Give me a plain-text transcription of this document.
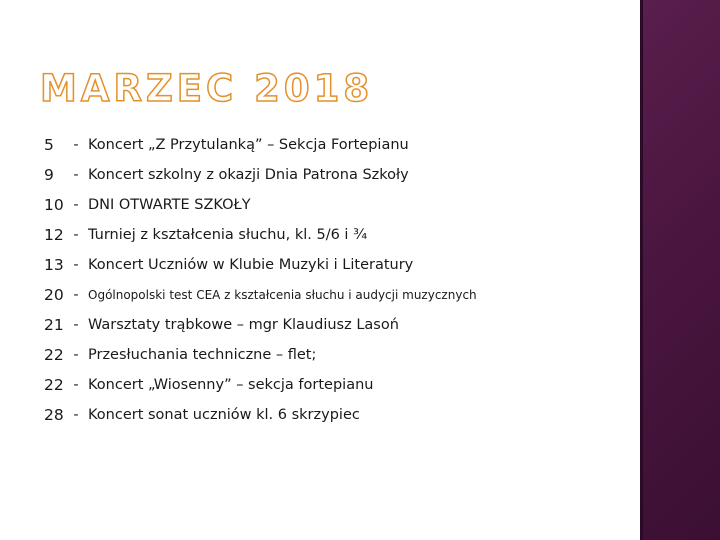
MARZEC 2018
5	- Koncert „Z Przytulanką” – Sekcja Fortepianu
9	- Koncert szkolny z okazji Dnia Patrona Szkoły
10 - DNI OTWARTE SZKOŁY
12 - Turniej z kształcenia słuchu, kl. 5/6 i ¾
13 - Koncert Uczniów w Klubie Muzyki i Literatury
20 - Ogólnopolski test CEA z kształcenia słuchu i audycji muzycznych
21 - Warsztaty trąbkowe – mgr Klaudiusz Lasoń
22 - Przesłuchania techniczne – flet;
22 - Koncert „Wiosenny” – sekcja fortepianu
28 - Koncert sonat uczniów kl. 6 skrzypiec
